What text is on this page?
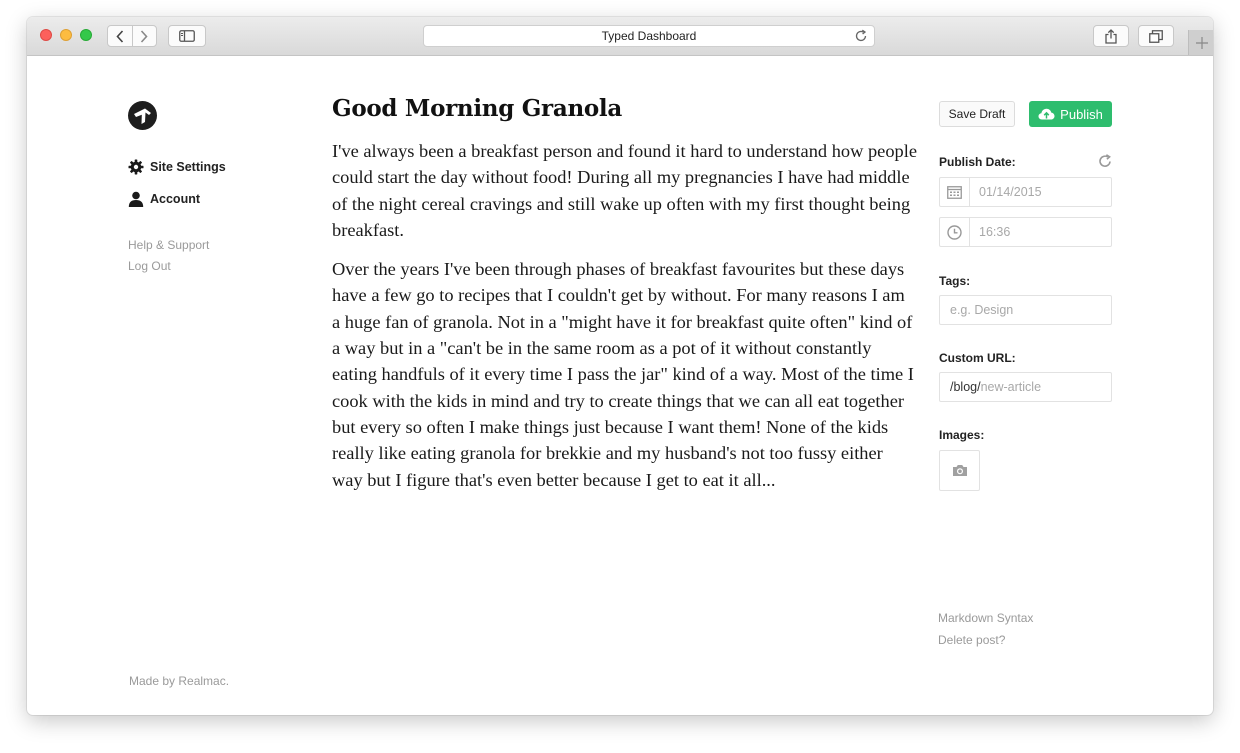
Typed Dashboard
Site Settings
Account
Help & Support
Log Out
Made by Realmac.
Good Morning Granola

I've always been a breakfast person and found it hard to understand how people could start the day without food! During all my pregnancies I have had middle of the night cereal cravings and still wake up often with my first thought being breakfast.

Over the years I've been through phases of breakfast favourites but these days have a few go to recipes that I couldn't get by without. For many reasons I am a huge fan of granola. Not in a "might have it for breakfast quite often" kind of a way but in a "can't be in the same room as a pot of it without constantly eating handfuls of it every time I pass the jar" kind of a way. Most of the time I cook with the kids in mind and try to create things that we can all eat together but every so often I make things just because I want them! None of the kids really like eating granola for brekkie and my husband's not too fussy either way but I figure that's even better because I get to eat it all...

Save Draft	Publish
Publish Date:
01/14/2015
16:36
Tags:
e.g. Design
Custom URL:
/blog/ new-article
Images:
Markdown Syntax
Delete post?
